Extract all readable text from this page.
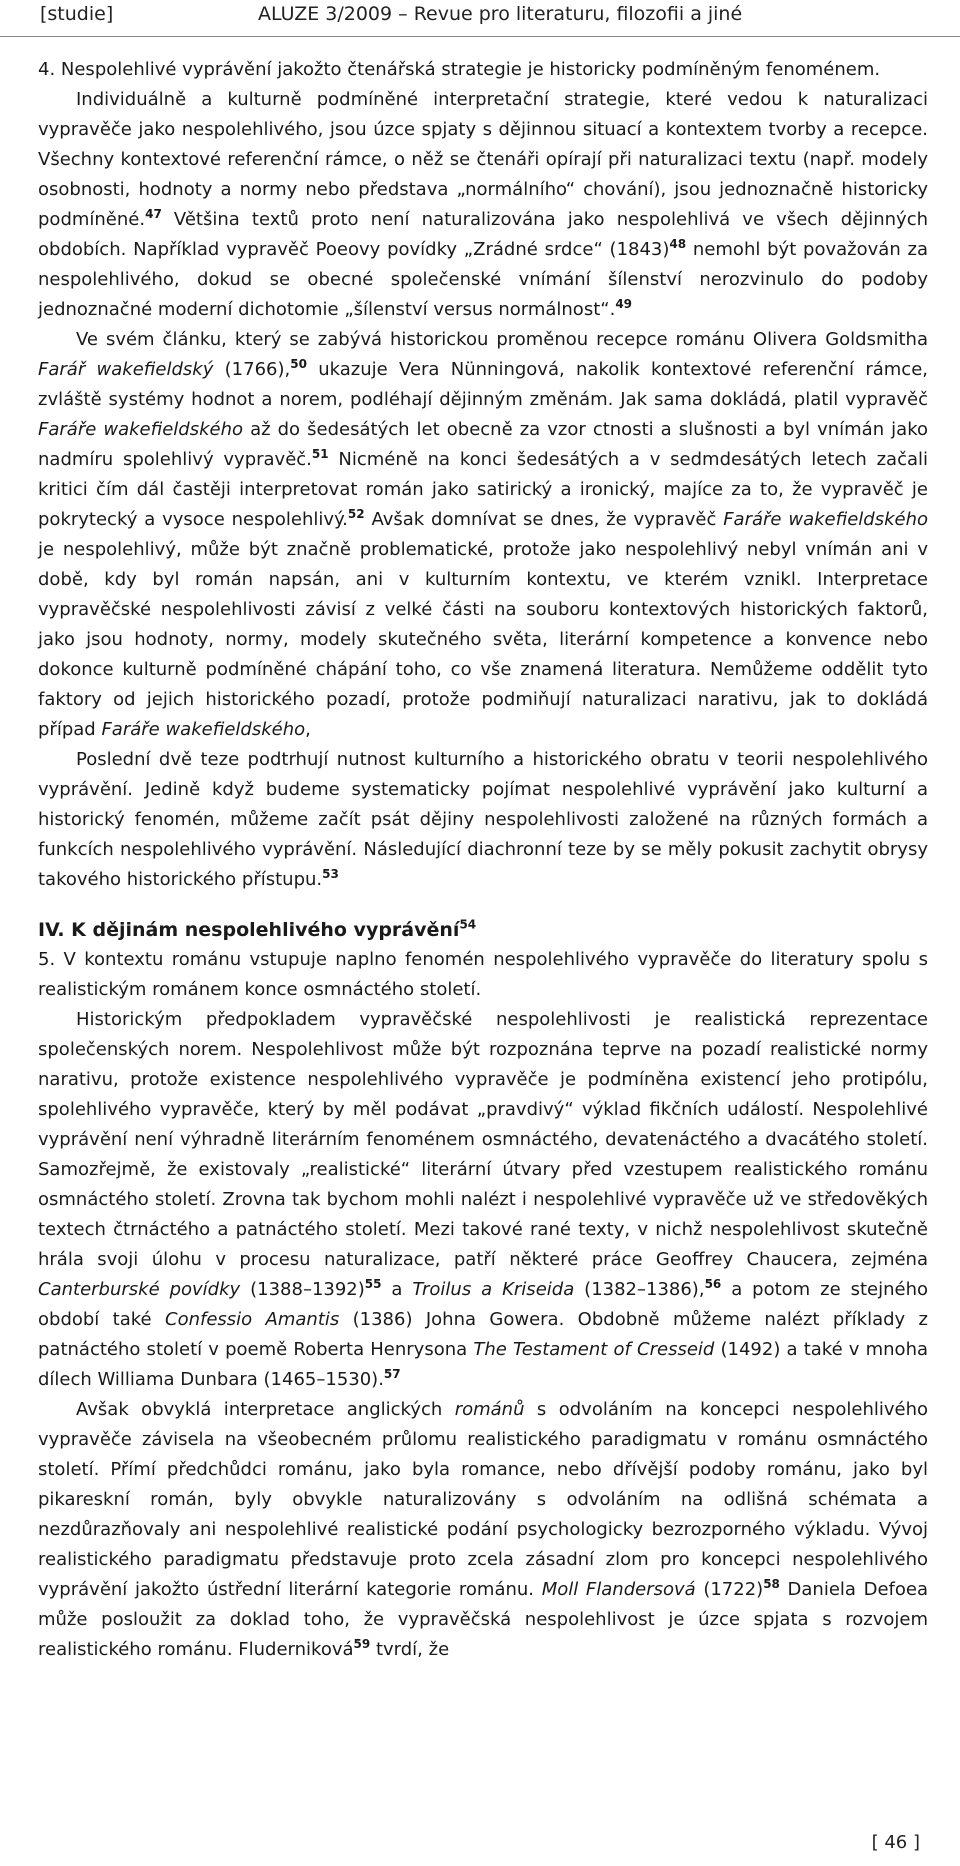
[studie]	ALUZE 3/2009 – Revue pro literaturu, filozofii a jiné

4. Nespolehlivé vyprávění jakožto čtenářská strategie je historicky podmíněným fenoménem.

Individuálně a kulturně podmíněné interpretační strategie, které vedou k naturalizaci vypravěče jako nespolehlivého, jsou úzce spjaty s dějinnou situací a kontextem tvorby a recepce. Všechny kontextové referenční rámce, o něž se čtenáři opírají při naturalizaci textu (např. modely osobnosti, hodnoty a normy nebo představa „normálního“ chování), jsou jednoznačně historicky podmíněné.$^{47}$ Většina textů proto není naturalizována jako nespolehlivá ve všech dějinných obdobích. Například vypravěč Poeovy povídky „Zrádné srdce“ $(1843)^{48}$ nemohl být považován za nespolehlivého, dokud se obecné společenské vnímání šílenství nerozvinulo do podoby jednoznačné moderní dichotomie „šílenství versus normálnost“.$^{49}$

Ve svém článku, který se zabývá historickou proměnou recepce románu Olivera Goldsmitha Farář wakefieldský (1766),$^{50}$ ukazuje Vera Nünningová, nakolik kontextové referenční rámce, zvláště systémy hodnot a norem, podléhají dějinným změnám. Jak sama dokládá, platil vypravěč Faráře wakefieldského až do šedesátých let obecně za vzor ctnosti a slušnosti a byl vnímán jako nadmíru spolehlivý vypravěč.$^{51}$ Nicméně na konci šedesátých a v sedmdesátých letech začali kritici čím dál častěji interpretovat román jako satirický a ironický, majíce za to, že vypravěč je pokrytecký a vysoce nespolehlivý.$^{52}$ Avšak domnívat se dnes, že vypravěč Faráře wakefieldského je nespolehlivý, může být značně problematické, protože jako nespolehlivý nebyl vnímán ani v době, kdy byl román napsán, ani v kulturním kontextu, ve kterém vznikl. Interpretace vypravěčské nespolehlivosti závisí z velké části na souboru kontextových historických faktorů, jako jsou hodnoty, normy, modely skutečného světa, literární kompetence a konvence nebo dokonce kulturně podmíněné chápání toho, co vše znamená literatura. Nemůžeme oddělit tyto faktory od jejich historického pozadí, protože podmiňují naturalizaci narativu, jak to dokládá případ Faráře wakefieldského,

Poslední dvě teze podtrhují nutnost kulturního a historického obratu v teorii nespolehlivého vyprávění. Jedině když budeme systematicky pojímat nespolehlivé vyprávění jako kulturní a historický fenomén, můžeme začít psát dějiny nespolehlivosti založené na různých formách a funkcích nespolehlivého vyprávění. Následující diachronní teze by se měly pokusit zachytit obrysy takového historického přístupu.$^{53}$

IV. K dějinám nespolehlivého vyprávění$^{54}$

5. V kontextu románu vstupuje naplno fenomén nespolehlivého vypravěče do literatury spolu s realistickým románem konce osmnáctého století.

Historickým předpokladem vypravěčské nespolehlivosti je realistická reprezentace společenských norem. Nespolehlivost může být rozpoznána teprve na pozadí realistické normy narativu, protože existence nespolehlivého vypravěče je podmíněna existencí jeho protipólu, spolehlivého vypravěče, který by měl podávat „pravdivý“ výklad fikčních událostí. Nespolehlivé vyprávění není výhradně literárním fenoménem osmnáctého, devatenáctého a dvacátého století. Samozřejmě, že existovaly „realistické“ literární útvary před vzestupem realistického románu osmnáctého století. Zrovna tak bychom mohli nalézt i nespolehlivé vypravěče už ve středověkých textech čtrnáctého a patnáctého století. Mezi takové rané texty, v nichž nespolehlivost skutečně hrála svoji úlohu v procesu naturalizace, patří některé práce Geoffrey Chaucera, zejména Canterburské povídky (1388–1392)$^{55}$ a Troilus a Kriseida (1382–1386),$^{56}$ a potom ze stejného období také Confessio Amantis (1386) Johna Gowera. Obdobně můžeme nalézt příklady z patnáctého století v poemě Roberta Henrysona The Testament of Cresseid (1492) a také v mnoha dílech Williama Dunbara (1465–1530).$^{57}$

Avšak obvyklá interpretace anglických románů s odvoláním na koncepci nespolehlivého vypravěče závisela na všeobecném průlomu realistického paradigmatu v románu osmnáctého století. Přímí předchůdci románu, jako byla romance, nebo dřívější podoby románu, jako byl pikareskní román, byly obvykle naturalizovány s odvoláním na odlišná schémata a nezdůrazňovaly ani nespolehlivé realistické podání psychologicky bezrozporného výkladu. Vývoj realistického paradigmatu představuje proto zcela zásadní zlom pro koncepci nespolehlivého vyprávění jakožto ústřední literární kategorie románu. Moll Flandersová $(1722)^{58}$ Daniela Defoea může posloužit za doklad toho, že vypravěčská nespolehlivost je úzce spjata s rozvojem realistického románu. Fluderniková$^{59}$ tvrdí, že

[ 46 ]
